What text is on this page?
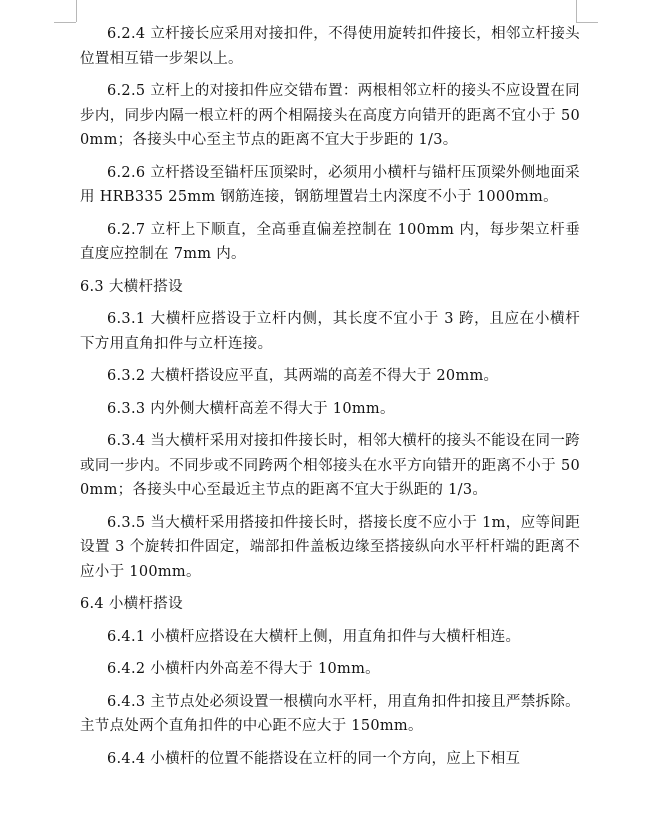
6.2.4 立杆接长应采用对接扣件，不得使用旋转扣件接长，相邻立杆接头位置相互错一步架以上。

6.2.5 立杆上的对接扣件应交错布置：两根相邻立杆的接头不应设置在同步内，同步内隔一根立杆的两个相隔接头在高度方向错开的距离不宜小于 500mm；各接头中心至主节点的距离不宜大于步距的 1/3。

6.2.6 立杆搭设至锚杆压顶梁时，必须用小横杆与锚杆压顶梁外侧地面采用 HRB335 25mm 钢筋连接，钢筋埋置岩土内深度不小于 1000mm。

6.2.7 立杆上下顺直，全高垂直偏差控制在 100mm 内，每步架立杆垂直度应控制在 7mm 内。

6.3 大横杆搭设

6.3.1 大横杆应搭设于立杆内侧，其长度不宜小于 3 跨，且应在小横杆下方用直角扣件与立杆连接。

6.3.2 大横杆搭设应平直，其两端的高差不得大于 20mm。

6.3.3 内外侧大横杆高差不得大于 10mm。

6.3.4 当大横杆采用对接扣件接长时，相邻大横杆的接头不能设在同一跨或同一步内。不同步或不同跨两个相邻接头在水平方向错开的距离不小于 500mm；各接头中心至最近主节点的距离不宜大于纵距的 1/3。

6.3.5 当大横杆采用搭接扣件接长时，搭接长度不应小于 1m，应等间距设置 3 个旋转扣件固定，端部扣件盖板边缘至搭接纵向水平杆杆端的距离不应小于 100mm。

6.4 小横杆搭设

6.4.1 小横杆应搭设在大横杆上侧，用直角扣件与大横杆相连。

6.4.2 小横杆内外高差不得大于 10mm。

6.4.3 主节点处必须设置一根横向水平杆，用直角扣件扣接且严禁拆除。主节点处两个直角扣件的中心距不应大于 150mm。

6.4.4 小横杆的位置不能搭设在立杆的同一个方向，应上下相互
